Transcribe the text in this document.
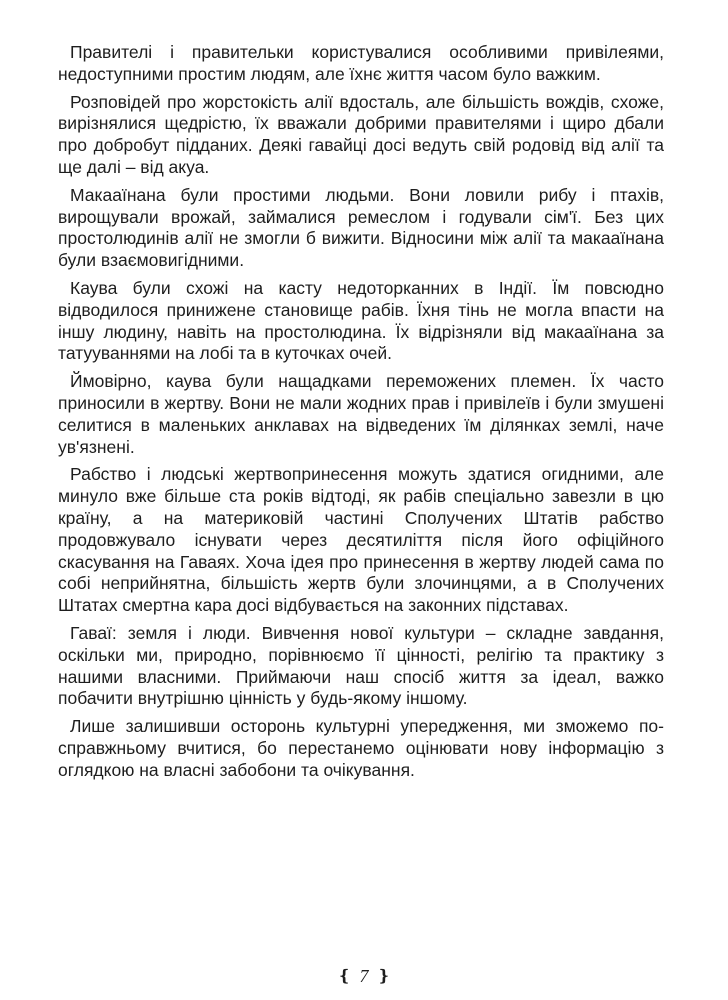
Правителі і правительки користувалися особливими привілеями, недоступними простим людям, але їхнє життя часом було важким.

Розповідей про жорстокість алії вдосталь, але більшість вождів, схоже, вирізнялися щедрістю, їх вважали добрими правителями і щиро дбали про добробут підданих. Деякі гавайці досі ведуть свій родовід від алії та ще далі – від акуа.

Макааїнана були простими людьми. Вони ловили рибу і птахів, вирощували врожай, займалися ремеслом і годували сім'ї. Без цих простолюдинів алії не змогли б вижити. Відносини між алії та макааїнана були взаємовигідними.

Каува були схожі на касту недоторканних в Індії. Їм повсюдно відводилося принижене становище рабів. Їхня тінь не могла впасти на іншу людину, навіть на простолюдина. Їх відрізняли від макааїнана за татууваннями на лобі та в куточках очей.

Ймовірно, каува були нащадками переможених племен. Їх часто приносили в жертву. Вони не мали жодних прав і привілеїв і були змушені селитися в маленьких анклавах на відведених їм ділянках землі, наче ув'язнені.

Рабство і людські жертвопринесення можуть здатися огидними, але минуло вже більше ста років відтоді, як рабів спеціально завезли в цю країну, а на материковій частині Сполучених Штатів рабство продовжувало існувати через десятиліття після його офіційного скасування на Гаваях. Хоча ідея про принесення в жертву людей сама по собі неприйнятна, більшість жертв були злочинцями, а в Сполучених Штатах смертна кара досі відбувається на законних підставах.

Гаваї: земля і люди. Вивчення нової культури – складне завдання, оскільки ми, природно, порівнюємо її цінності, релігію та практику з нашими власними. Приймаючи наш спосіб життя за ідеал, важко побачити внутрішню цінність у будь-якому іншому.

Лише залишивши осторонь культурні упередження, ми зможемо по-справжньому вчитися, бо перестанемо оцінювати нову інформацію з оглядкою на власні забобони та очікування.

❴ 7 ❵
